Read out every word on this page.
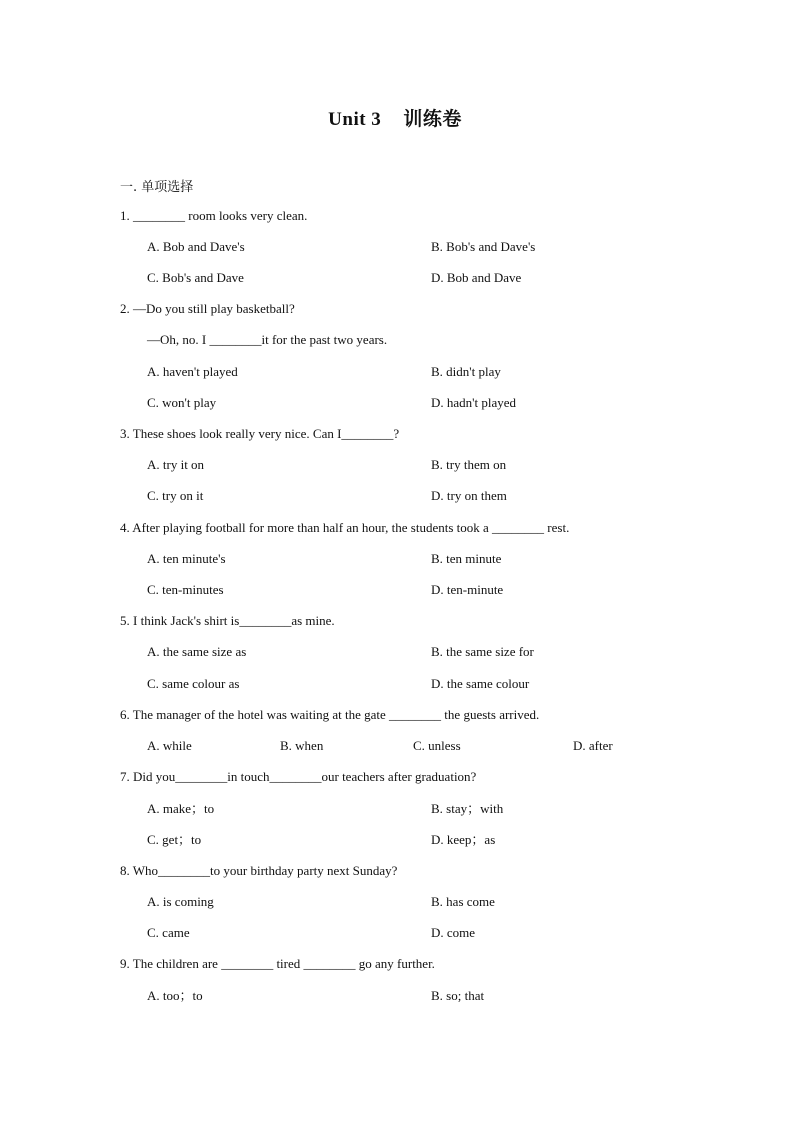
Unit 3 训练卷
一. 单项选择
1. ________ room looks very clean.
A. Bob and Dave's	B. Bob's and Dave's
C. Bob's and Dave	D. Bob and Dave
2. —Do you still play basketball?
—Oh, no. I ________it for the past two years.
A. haven't played	B. didn't play
C. won't play	D. hadn't played
3. These shoes look really very nice. Can I________?
A. try it on	B. try them on
C. try on it	D. try on them
4. After playing football for more than half an hour, the students took a ________ rest.
A. ten minute's	B. ten minute
C. ten-minutes	D. ten-minute
5. I think Jack's shirt is________as mine.
A. the same size as	B. the same size for
C. same colour as	D. the same colour
6. The manager of the hotel was waiting at the gate ________ the guests arrived.
A. while	B. when	C. unless	D. after
7. Did you________in touch________our teachers after graduation?
A. make；to	B. stay；with
C. get；to	D. keep；as
8. Who________to your birthday party next Sunday?
A. is coming	B. has come
C. came	D. come
9. The children are ________ tired ________ go any further.
A. too；to	B. so; that
